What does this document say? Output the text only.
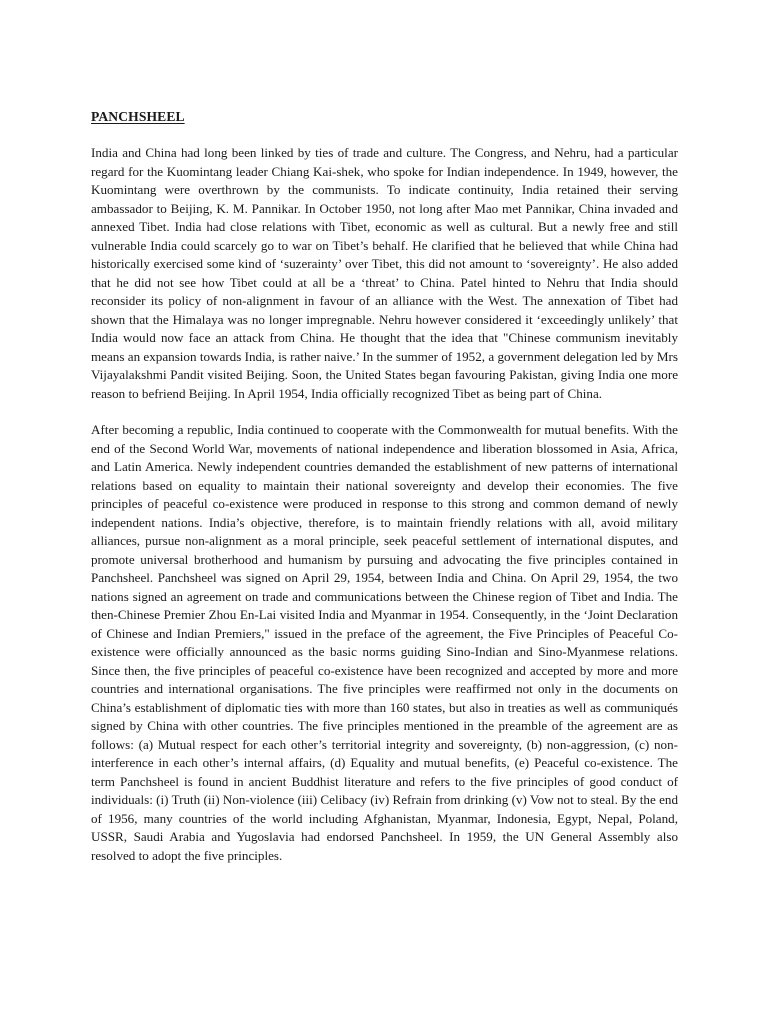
PANCHSHEEL

India and China had long been linked by ties of trade and culture. The Congress, and Nehru, had a particular regard for the Kuomintang leader Chiang Kai-shek, who spoke for Indian independence. In 1949, however, the Kuomintang were overthrown by the communists. To indicate continuity, India retained their serving ambassador to Beijing, K. M. Pannikar. In October 1950, not long after Mao met Pannikar, China invaded and annexed Tibet. India had close relations with Tibet, economic as well as cultural. But a newly free and still vulnerable India could scarcely go to war on Tibet’s behalf. He clarified that he believed that while China had historically exercised some kind of ‘suzerainty’ over Tibet, this did not amount to ‘sovereignty’. He also added that he did not see how Tibet could at all be a ‘threat’ to China. Patel hinted to Nehru that India should reconsider its policy of non-alignment in favour of an alliance with the West. The annexation of Tibet had shown that the Himalaya was no longer impregnable. Nehru however considered it ‘exceedingly unlikely’ that India would now face an attack from China. He thought that the idea that "Chinese communism inevitably means an expansion towards India, is rather naive.’ In the summer of 1952, a government delegation led by Mrs Vijayalakshmi Pandit visited Beijing. Soon, the United States began favouring Pakistan, giving India one more reason to befriend Beijing. In April 1954, India officially recognized Tibet as being part of China.

After becoming a republic, India continued to cooperate with the Commonwealth for mutual benefits. With the end of the Second World War, movements of national independence and liberation blossomed in Asia, Africa, and Latin America. Newly independent countries demanded the establishment of new patterns of international relations based on equality to maintain their national sovereignty and develop their economies. The five principles of peaceful co-existence were produced in response to this strong and common demand of newly independent nations. India’s objective, therefore, is to maintain friendly relations with all, avoid military alliances, pursue non-alignment as a moral principle, seek peaceful settlement of international disputes, and promote universal brotherhood and humanism by pursuing and advocating the five principles contained in Panchsheel. Panchsheel was signed on April 29, 1954, between India and China. On April 29, 1954, the two nations signed an agreement on trade and communications between the Chinese region of Tibet and India. The then-Chinese Premier Zhou En-Lai visited India and Myanmar in 1954. Consequently, in the ‘Joint Declaration of Chinese and Indian Premiers," issued in the preface of the agreement, the Five Principles of Peaceful Co-existence were officially announced as the basic norms guiding Sino-Indian and Sino-Myanmese relations. Since then, the five principles of peaceful co-existence have been recognized and accepted by more and more countries and international organisations. The five principles were reaffirmed not only in the documents on China’s establishment of diplomatic ties with more than 160 states, but also in treaties as well as communiqués signed by China with other countries. The five principles mentioned in the preamble of the agreement are as follows: (a) Mutual respect for each other’s territorial integrity and sovereignty, (b) non-aggression, (c) non-interference in each other’s internal affairs, (d) Equality and mutual benefits, (e) Peaceful co-existence. The term Panchsheel is found in ancient Buddhist literature and refers to the five principles of good conduct of individuals: (i) Truth (ii) Non-violence (iii) Celibacy (iv) Refrain from drinking (v) Vow not to steal. By the end of 1956, many countries of the world including Afghanistan, Myanmar, Indonesia, Egypt, Nepal, Poland, USSR, Saudi Arabia and Yugoslavia had endorsed Panchsheel. In 1959, the UN General Assembly also resolved to adopt the five principles.
